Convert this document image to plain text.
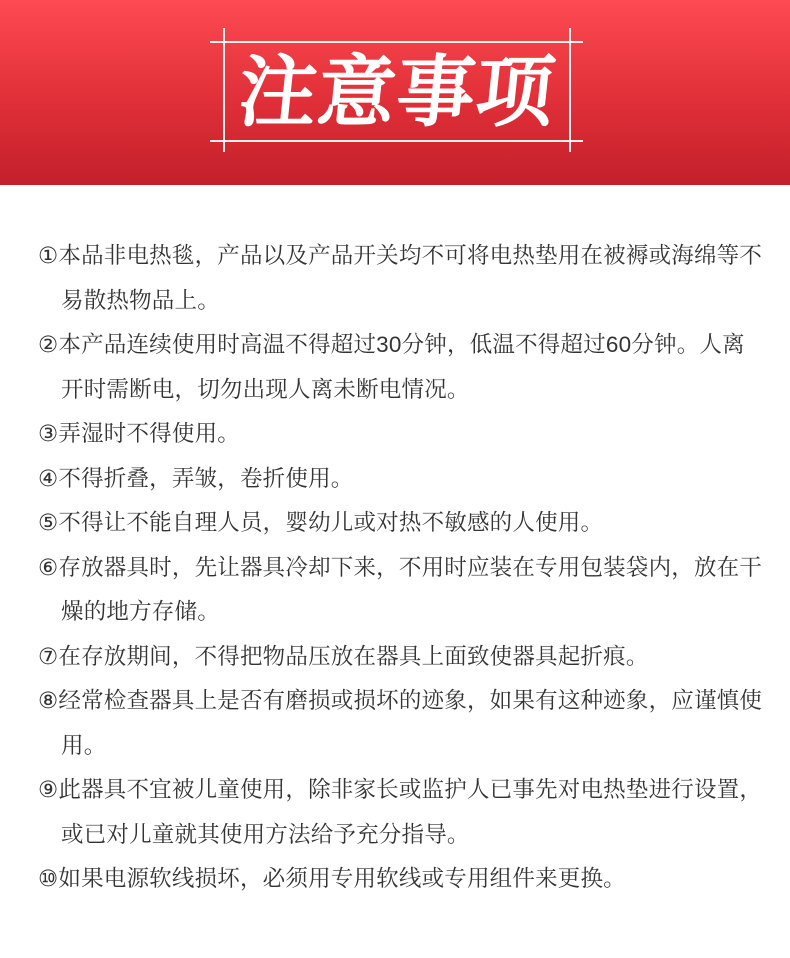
注意事项
①本品非电热毯，产品以及产品开关均不可将电热垫用在被褥或海绵等不
易散热物品上。
②本产品连续使用时高温不得超过30分钟，低温不得超过60分钟。人离
开时需断电，切勿出现人离未断电情况。
③弄湿时不得使用。
④不得折叠，弄皱，卷折使用。
⑤不得让不能自理人员，婴幼儿或对热不敏感的人使用。
⑥存放器具时，先让器具冷却下来，不用时应装在专用包装袋内，放在干
燥的地方存储。
⑦在存放期间，不得把物品压放在器具上面致使器具起折痕。
⑧经常检查器具上是否有磨损或损坏的迹象，如果有这种迹象，应谨慎使
用。
⑨此器具不宜被儿童使用，除非家长或监护人已事先对电热垫进行设置，
或已对儿童就其使用方法给予充分指导。
⑩如果电源软线损坏，必须用专用软线或专用组件来更换。
